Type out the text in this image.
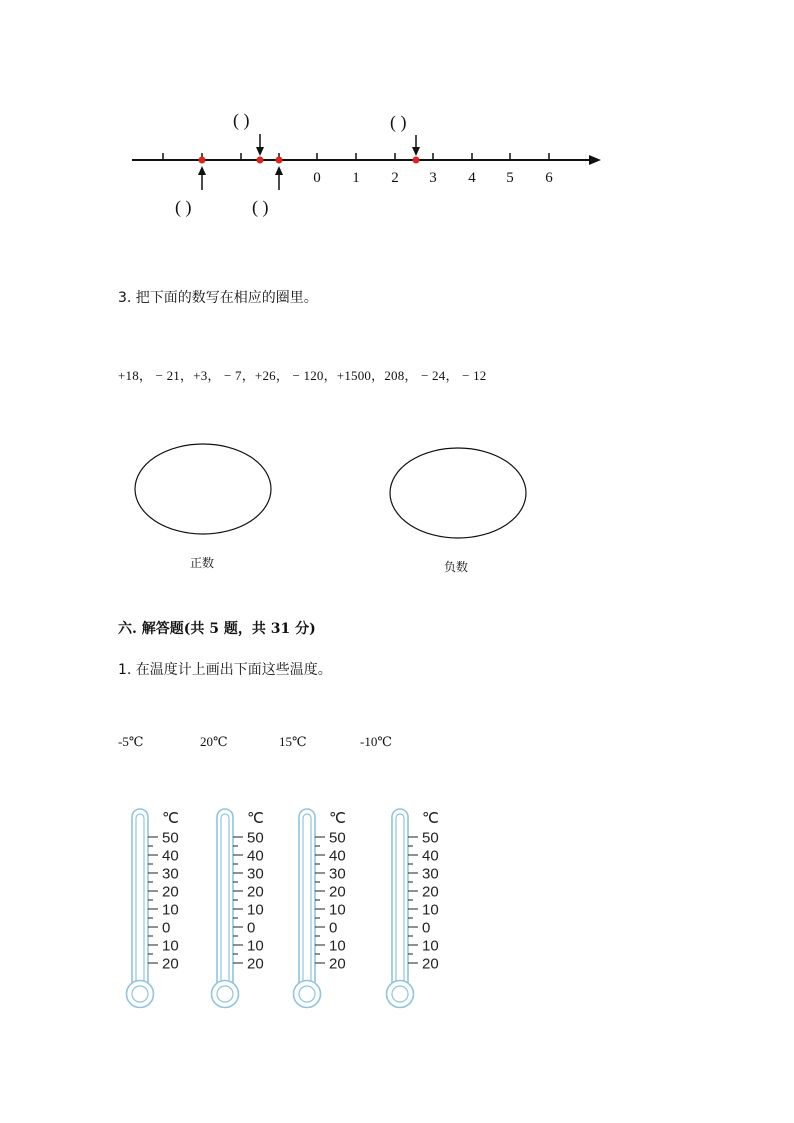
( )	( )
( )	( )
0 1 2 3 4 5 6
3. 把下面的数写在相应的圈里。
+18， − 21，+3， − 7，+26， − 120，+1500，208， − 24， − 12
正数	负数
六. 解答题(共 5 题，共 31 分)
1. 在温度计上画出下面这些温度。
-5℃	20℃	15℃	-10℃
50
40
30
20
10
0
10
20
℃
50
40
30
20
10
0
10
20
℃
50
40
30
20
10
0
10
20
℃
50
40
30
20
10
0
10
20
℃
